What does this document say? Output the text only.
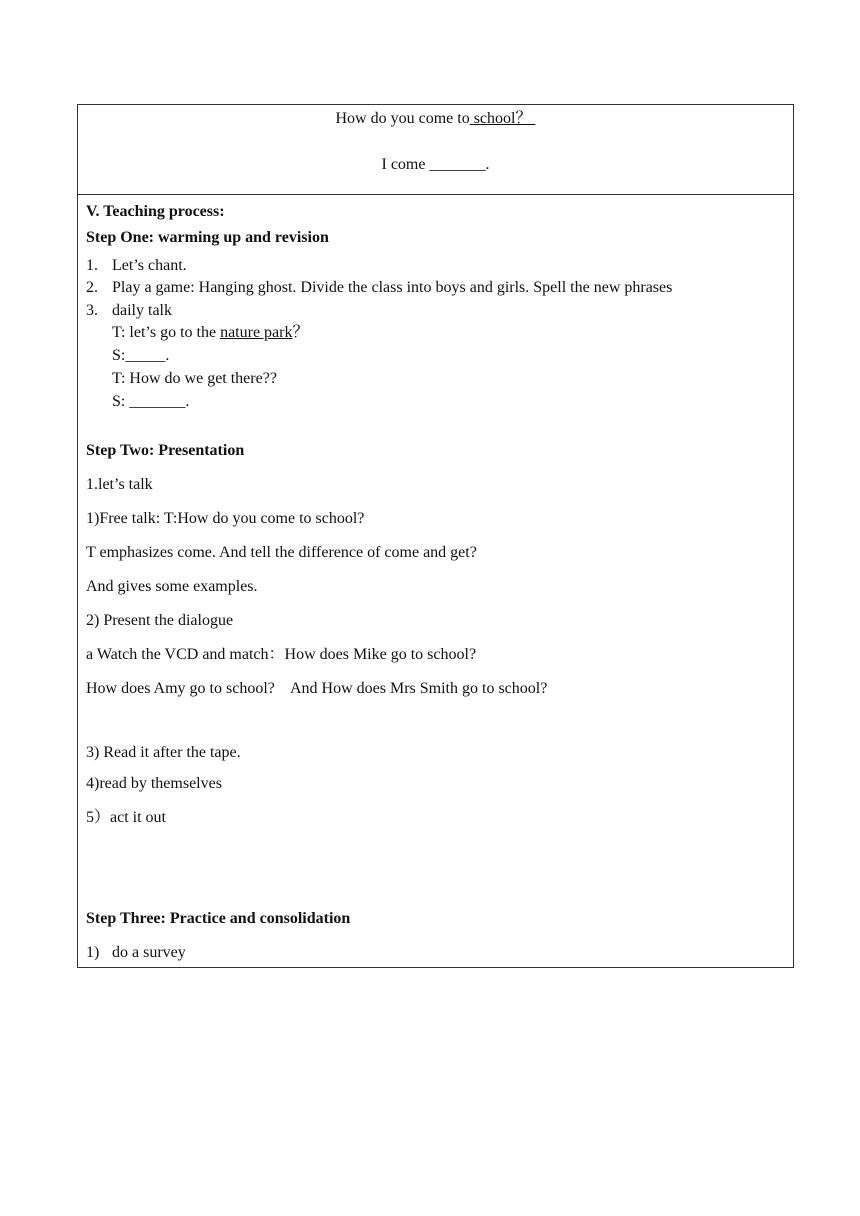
How do you come to school？
I come _______.
V. Teaching process:
Step One: warming up and revision
1. Let’s chant.
2. Play a game: Hanging ghost. Divide the class into boys and girls. Spell the new phrases
3. daily talk
T: let’s go to the nature park？
S:_____.
T: How do we get there??
S: _______.
Step Two: Presentation
1.let’s talk
1)Free talk: T:How do you come to school?
T emphasizes come. And tell the difference of come and get?
And gives some examples.
2) Present the dialogue
a Watch the VCD and match：How does Mike go to school?
How does Amy go to school?    And How does Mrs Smith go to school?
3) Read it after the tape.
4)read by themselves
5）act it out
Step Three: Practice and consolidation
1) do a survey
